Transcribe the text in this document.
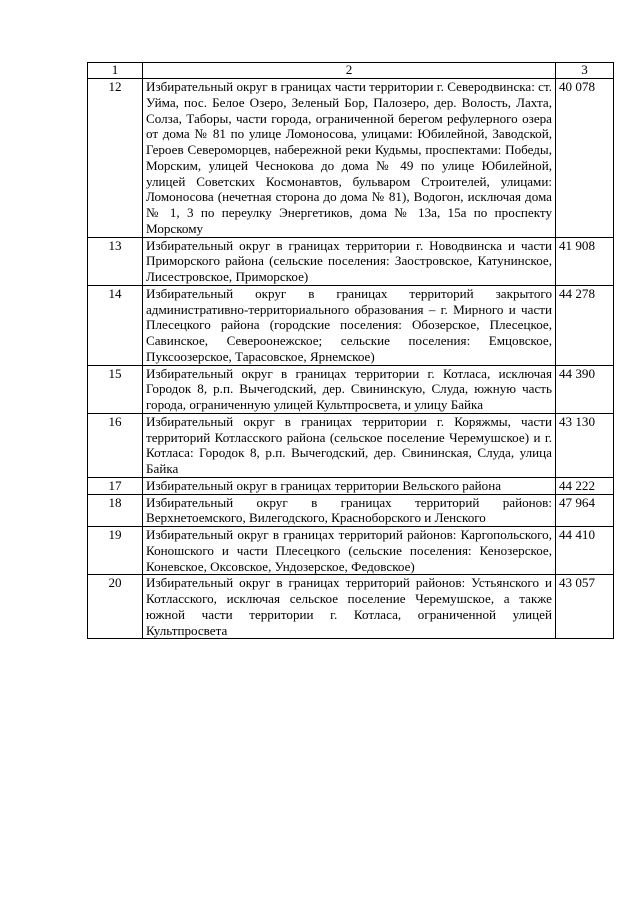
1	2	3
12	Избирательный округ в границах части территории г. Северодвинска: ст. Уйма, пос. Белое Озеро, Зеленый Бор, Палозеро, дер. Волость, Лахта, Солза, Таборы, части города, ограниченной берегом рефулерного озера от дома № 81 по улице Ломоносова, улицами: Юбилейной, Заводской, Героев Североморцев, набережной реки Кудьмы, проспектами: Победы, Морским, улицей Чеснокова до дома № 49 по улице Юбилейной, улицей Советских Космонавтов, бульваром Строителей, улицами: Ломоносова (нечетная сторона до дома № 81), Водогон, исключая дома № 1, 3 по переулку Энергетиков, дома № 13а, 15а по проспекту Морскому	40 078
13	Избирательный округ в границах территории г. Новодвинска и части Приморского района (сельские поселения: Заостровское, Катунинское, Лисестровское, Приморское)	41 908
14	Избирательный округ в границах территорий закрытого административно-территориального образования – г. Мирного и части Плесецкого района (городские поселения: Обозерское, Плесецкое, Савинское, Североонежское; сельские поселения: Емцовское, Пуксоозерское, Тарасовское, Ярнемское)	44 278
15	Избирательный округ в границах территории г. Котласа, исключая Городок 8, р.п. Вычегодский, дер. Свининскую, Слуда, южную часть города, ограниченную улицей Культпросвета, и улицу Байка	44 390
16	Избирательный округ в границах территории г. Коряжмы, части территорий Котласского района (сельское поселение Черемушское) и г. Котласа: Городок 8, р.п. Вычегодский, дер. Свининская, Слуда, улица Байка	43 130
17	Избирательный округ в границах территории Вельского района	44 222
18	Избирательный округ в границах территорий районов: Верхнетоемского, Вилегодского, Красноборского и Ленского	47 964
19	Избирательный округ в границах территорий районов: Каргопольского, Коношского и части Плесецкого (сельские поселения: Кенозерское, Коневское, Оксовское, Ундозерское, Федовское)	44 410
20	Избирательный округ в границах территорий районов: Устьянского и Котласского, исключая сельское поселение Черемушское, а также южной части территории г. Котласа, ограниченной улицей Культпросвета	43 057
